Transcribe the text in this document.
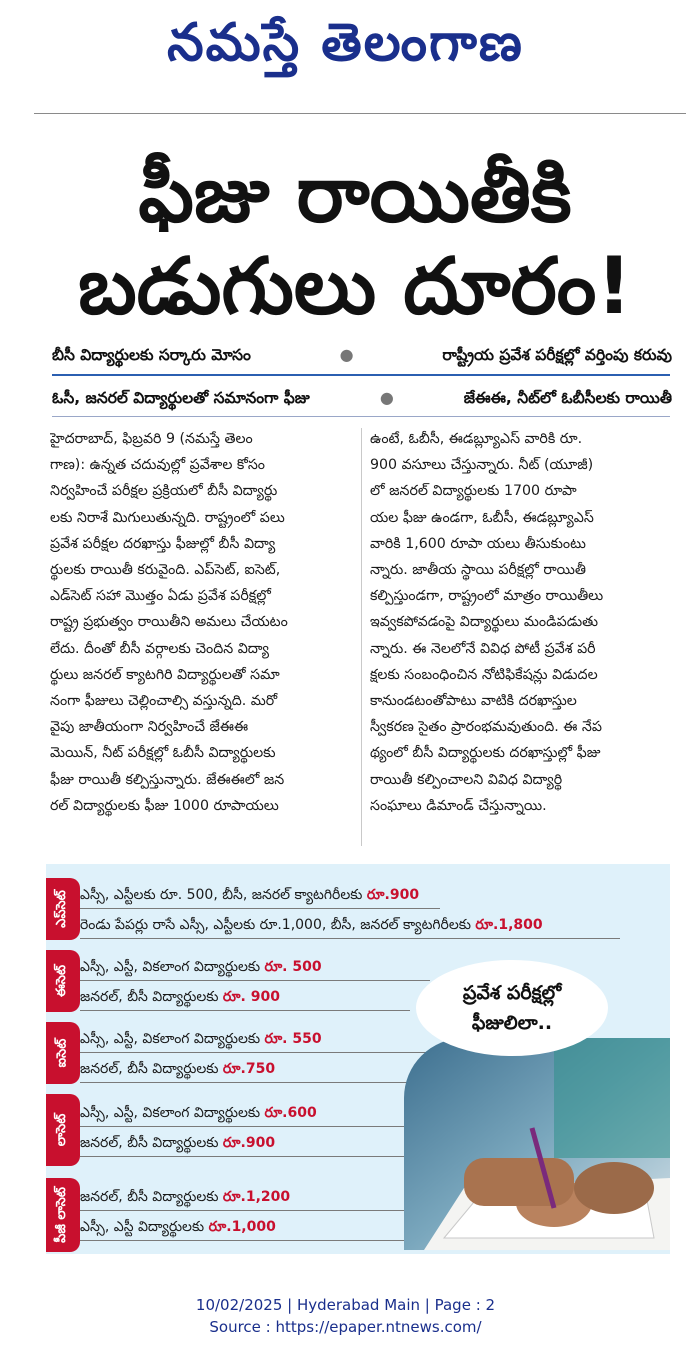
నమస్తే తెలంగాణ
ఫీజు రాయితీకి
బడుగులు దూరం!
బీసీ విద్యార్థులకు సర్కారు మోసం	●	రాష్ట్రీయ ప్రవేశ పరీక్షల్లో వర్తింపు కరువు
ఓసీ, జనరల్ విద్యార్థులతో సమానంగా ఫీజు	●	జేఈఈ, నీట్‌లో ఓబీసీలకు రాయితీ
హైదరాబాద్, ఫిబ్రవరి 9 (నమస్తే తెలం
గాణ): ఉన్నత చదువుల్లో ప్రవేశాల కోసం
నిర్వహించే పరీక్షల ప్రక్రియలో బీసీ విద్యార్థు
లకు నిరాశే మిగులుతున్నది. రాష్ట్రంలో పలు
ప్రవేశ పరీక్షల దరఖాస్తు ఫీజుల్లో బీసీ విద్యా
ర్థులకు రాయితీ కరువైంది. ఎప్‌సెట్, ఐసెట్,
ఎడ్‌సెట్ సహా మొత్తం ఏడు ప్రవేశ పరీక్షల్లో
రాష్ట్ర ప్రభుత్వం రాయితీని అమలు చేయటం
లేదు. దీంతో బీసీ వర్గాలకు చెందిన విద్యా
ర్థులు జనరల్ క్యాటగిరి విద్యార్థులతో సమా
నంగా ఫీజులు చెల్లించాల్సి వస్తున్నది. మరో
వైపు జాతీయంగా నిర్వహించే జేఈఈ
మెయిన్, నీట్ పరీక్షల్లో ఓబీసీ విద్యార్థులకు
ఫీజు రాయితీ కల్పిస్తున్నారు. జేఈఈలో జన
రల్ విద్యార్థులకు ఫీజు 1000 రూపాయలు
ఉంటే, ఓబీసీ, ఈడబ్ల్యూఎస్ వారికి రూ.
900 వసూలు చేస్తున్నారు. నీట్ (యూజీ)
లో జనరల్ విద్యార్థులకు 1700 రూపా
యల ఫీజు ఉండగా, ఓబీసీ, ఈడబ్ల్యూఎస్
వారికి 1,600 రూపా యలు తీసుకుంటు
న్నారు. జాతీయ స్థాయి పరీక్షల్లో రాయితీ
కల్పిస్తుండగా, రాష్ట్రంలో మాత్రం రాయితీలు
ఇవ్వకపోవడంపై విద్యార్థులు మండిపడుతు
న్నారు. ఈ నెలలోనే వివిధ పోటీ ప్రవేశ పరీ
క్షలకు సంబంధించిన నోటిఫికేషన్లు విడుదల
కానుండటంతోపాటు వాటికి దరఖాస్తుల
స్వీకరణ సైతం ప్రారంభమవుతుంది. ఈ నేప
థ్యంలో బీసీ విద్యార్థులకు దరఖాస్తుల్లో ఫీజు
రాయితీ కల్పించాలని వివిధ విద్యార్థి
సంఘాలు డిమాండ్ చేస్తున్నాయి.
ఎప్‌సెట్ ఎస్సీ, ఎస్టీలకు రూ. 500, బీసీ, జనరల్ క్యాటగిరీలకు రూ.900
రెండు పేపర్లు రాసే ఎస్సీ, ఎస్టీలకు రూ.1,000, బీసీ, జనరల్ క్యాటగిరీలకు రూ.1,800
ఈసెట్ ఎస్సీ, ఎస్టీ, వికలాంగ విద్యార్థులకు రూ. 500
జనరల్, బీసీ విద్యార్థులకు రూ. 900
ఐసెట్ ఎస్సీ, ఎస్టీ, వికలాంగ విద్యార్థులకు రూ. 550
జనరల్, బీసీ విద్యార్థులకు రూ.750
లాసెట్
ఎస్సీ, ఎస్టీ, వికలాంగ విద్యార్థులకు రూ.600
జనరల్, బీసీ విద్యార్థులకు రూ.900
పీజీ లాసెట్ జనరల్, బీసీ విద్యార్థులకు రూ.1,200
ఎస్సీ, ఎస్టీ విద్యార్థులకు రూ.1,000
ప్రవేశ పరీక్షల్లో
ఫీజులిలా..
10/02/2025 | Hyderabad Main | Page : 2
Source : https://epaper.ntnews.com/
